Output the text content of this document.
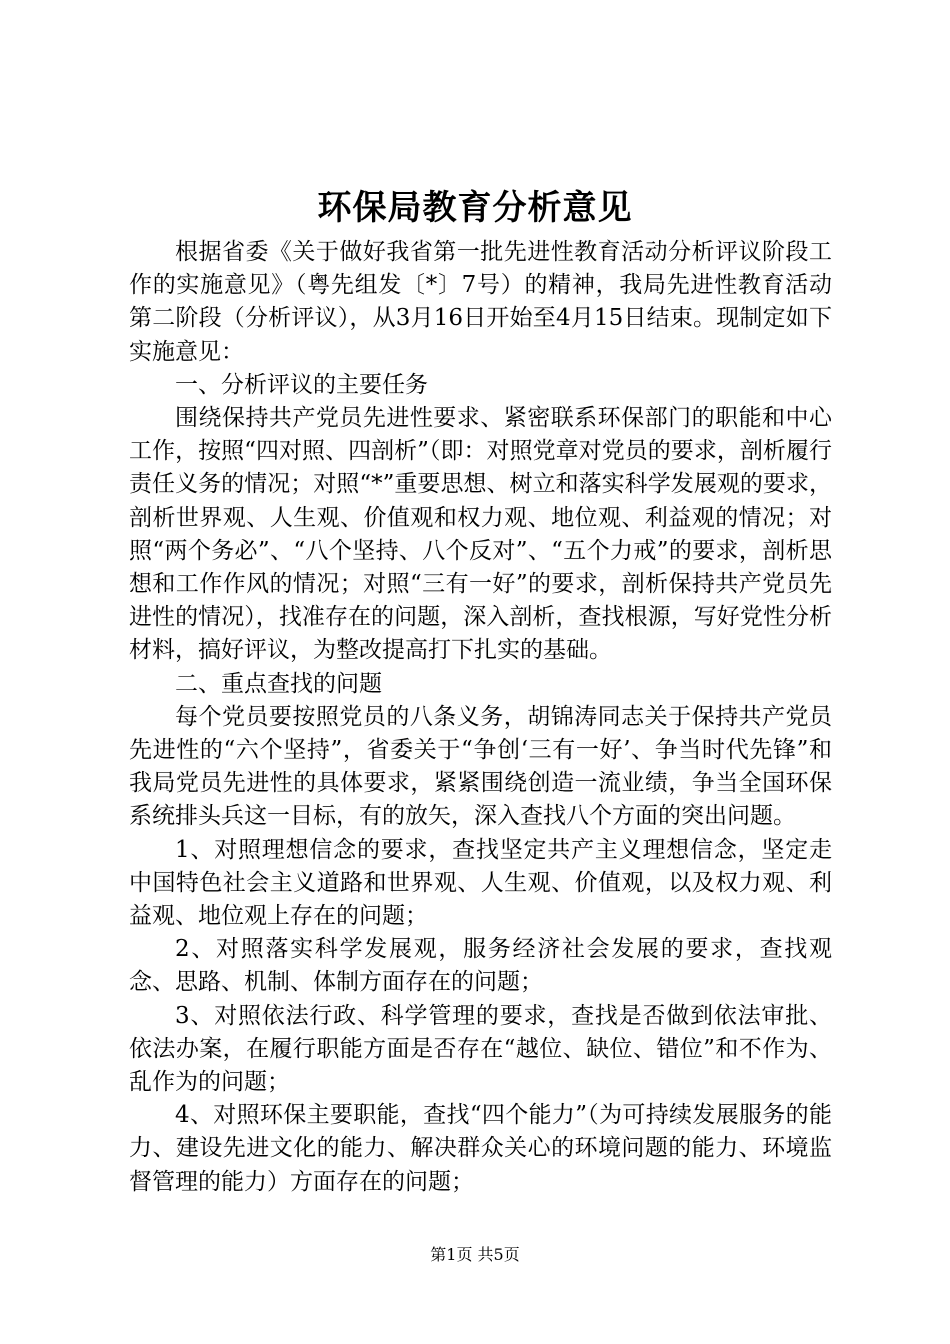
环保局教育分析意见

根据省委《关于做好我省第一批先进性教育活动分析评议阶段工作的实施意见》（粤先组发〔*〕7号）的精神，我局先进性教育活动第二阶段（分析评议），从3月16日开始至4月15日结束。现制定如下实施意见：

一、分析评议的主要任务

围绕保持共产党员先进性要求、紧密联系环保部门的职能和中心工作，按照“四对照、四剖析”（即：对照党章对党员的要求，剖析履行责任义务的情况；对照“*”重要思想、树立和落实科学发展观的要求，剖析世界观、人生观、价值观和权力观、地位观、利益观的情况；对照“两个务必”、“八个坚持、八个反对”、“五个力戒”的要求，剖析思想和工作作风的情况；对照“三有一好”的要求，剖析保持共产党员先进性的情况），找准存在的问题，深入剖析，查找根源，写好党性分析材料，搞好评议，为整改提高打下扎实的基础。

二、重点查找的问题

每个党员要按照党员的八条义务，胡锦涛同志关于保持共产党员先进性的“六个坚持”，省委关于“争创‘三有一好’、争当时代先锋”和我局党员先进性的具体要求，紧紧围绕创造一流业绩，争当全国环保系统排头兵这一目标，有的放矢，深入查找八个方面的突出问题。

1、对照理想信念的要求，查找坚定共产主义理想信念，坚定走中国特色社会主义道路和世界观、人生观、价值观，以及权力观、利益观、地位观上存在的问题；

2、对照落实科学发展观，服务经济社会发展的要求，查找观念、思路、机制、体制方面存在的问题；

3、对照依法行政、科学管理的要求，查找是否做到依法审批、依法办案，在履行职能方面是否存在“越位、缺位、错位”和不作为、乱作为的问题；

4、对照环保主要职能，查找“四个能力”（为可持续发展服务的能力、建设先进文化的能力、解决群众关心的环境问题的能力、环境监督管理的能力）方面存在的问题；

第1页 共5页
